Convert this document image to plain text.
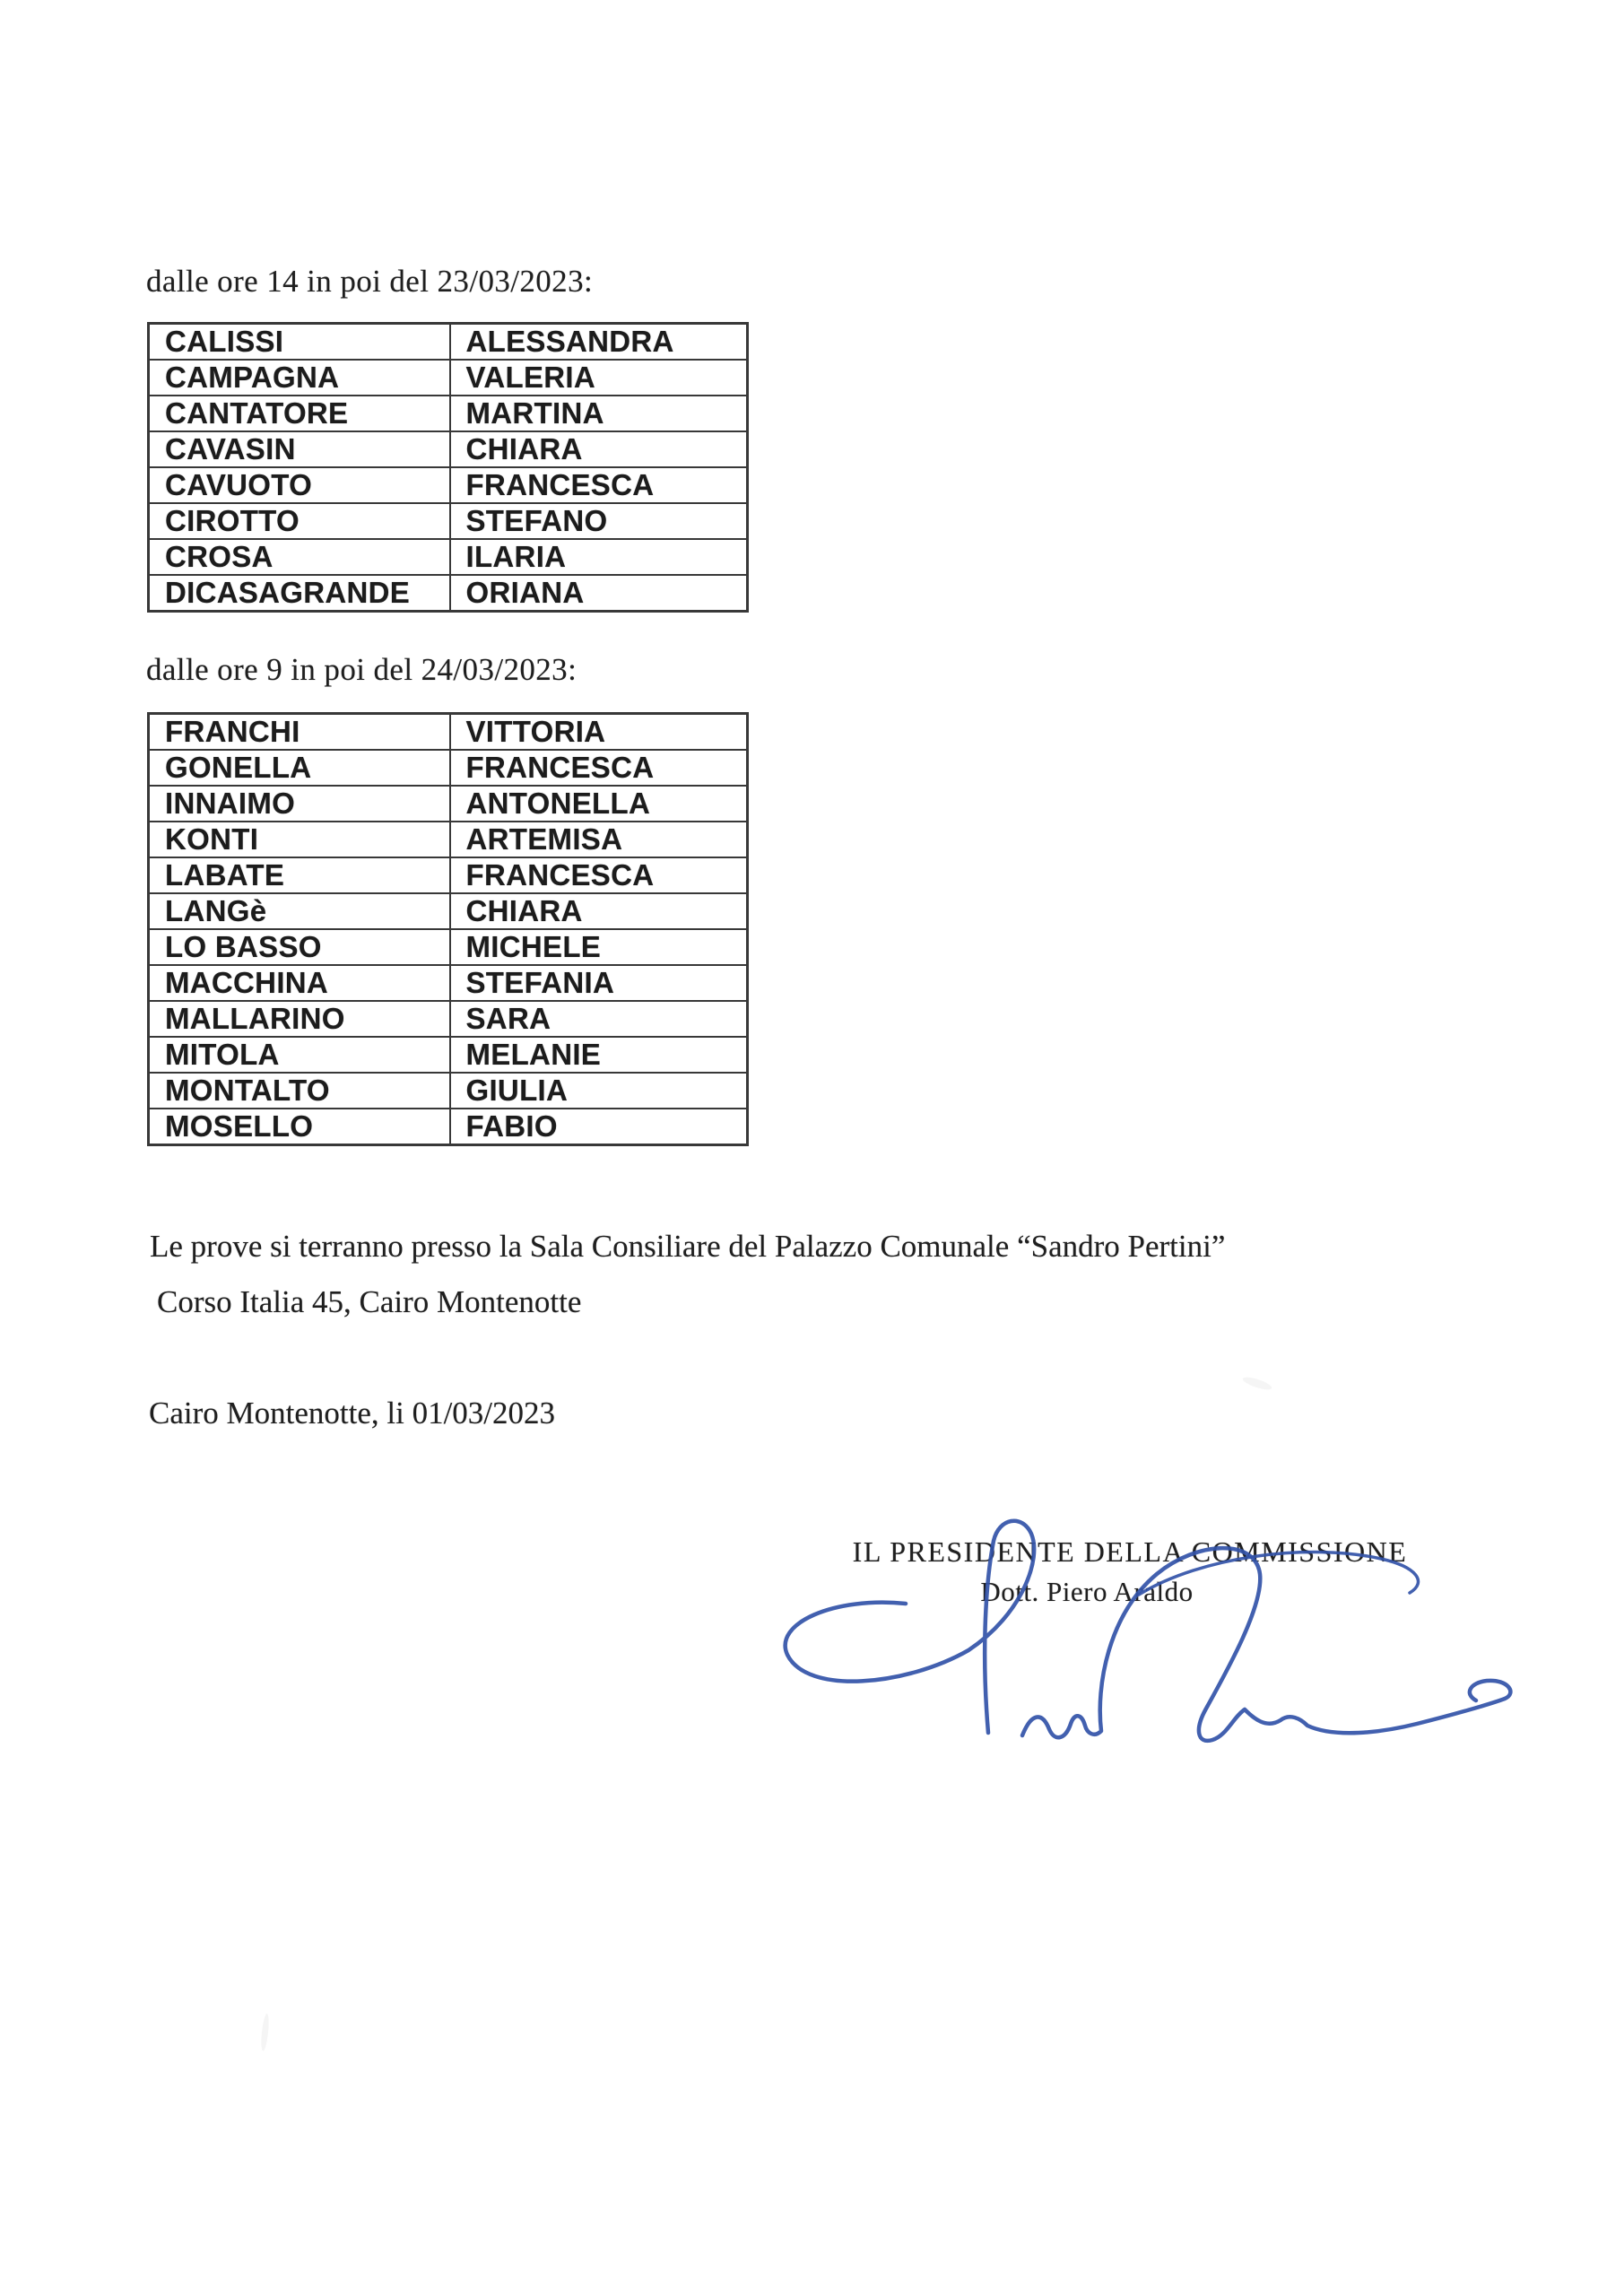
dalle ore 14 in poi del 23/03/2023:

CALISSI	ALESSANDRA
CAMPAGNA	VALERIA
CANTATORE	MARTINA
CAVASIN	CHIARA
CAVUOTO	FRANCESCA
CIROTTO	STEFANO
CROSA	ILARIA
DICASAGRANDE	ORIANA

dalle ore 9 in poi del 24/03/2023:

FRANCHI	VITTORIA
GONELLA	FRANCESCA
INNAIMO	ANTONELLA
KONTI	ARTEMISA
LABATE	FRANCESCA
LANGè	CHIARA
LO BASSO	MICHELE
MACCHINA	STEFANIA
MALLARINO	SARA
MITOLA	MELANIE
MONTALTO	GIULIA
MOSELLO	FABIO

Le prove si terranno presso la Sala Consiliare del Palazzo Comunale “Sandro Pertini”

Corso Italia 45, Cairo Montenotte

Cairo Montenotte, li 01/03/2023

IL PRESIDENTE DELLA COMMISSIONE

Dott. Piero Araldo
